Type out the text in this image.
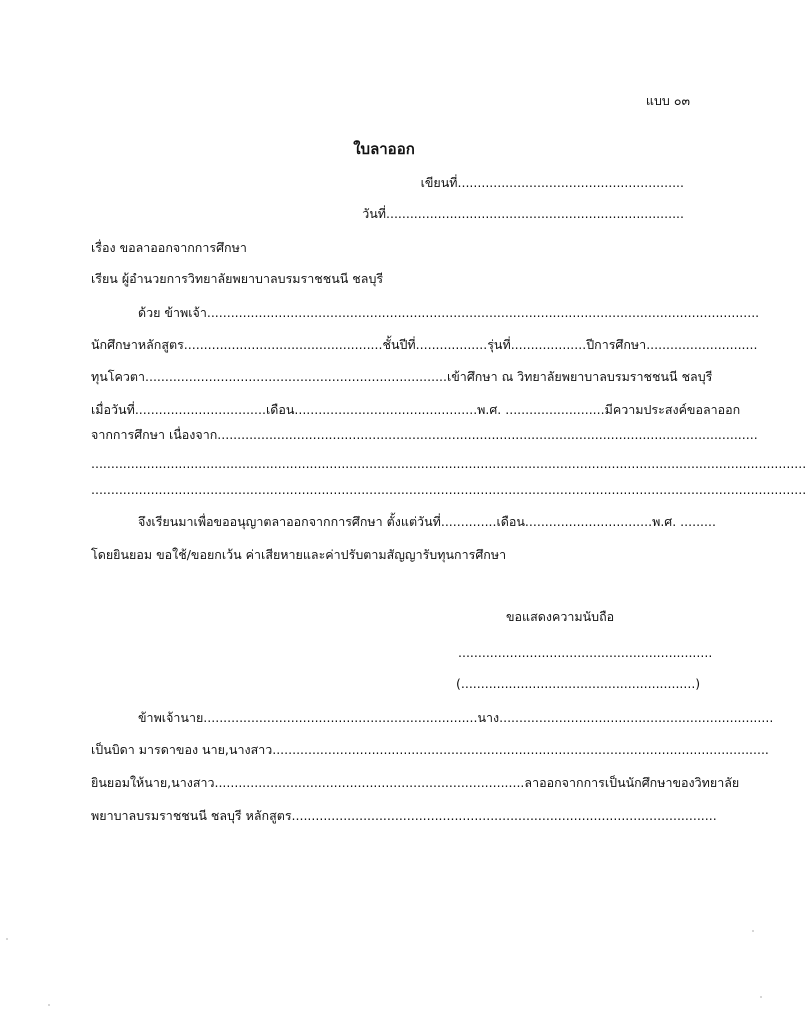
แบบ ๐๓
ใบลาออก
เขียนที่.........................................................
วันที่...........................................................................
เรื่อง ขอลาออกจากการศึกษา
เรียน ผู้อำนวยการวิทยาลัยพยาบาลบรมราชชนนี ชลบุรี
ด้วย ข้าพเจ้า...........................................................................................................................................
นักศึกษาหลักสูตร..................................................ชั้นปีที่..................รุ่นที่...................ปีการศึกษา............................
ทุนโควตา............................................................................เข้าศึกษา ณ วิทยาลัยพยาบาลบรมราชชนนี ชลบุรี
เมื่อวันที่.................................เดือน..............................................พ.ศ. .........................มีความประสงค์ขอลาออก
จากการศึกษา เนื่องจาก........................................................................................................................................
....................................................................................................................................................................................
....................................................................................................................................................................................
จึงเรียนมาเพื่อขออนุญาตลาออกจากการศึกษา ตั้งแต่วันที่..............เดือน................................พ.ศ. .........
โดยยินยอม ขอใช้/ขอยกเว้น ค่าเสียหายและค่าปรับตามสัญญารับทุนการศึกษา
ขอแสดงความนับถือ
................................................................
(...........................................................)
ข้าพเจ้านาย.....................................................................นาง.....................................................................
เป็นบิดา มารดาของ นาย,นางสาว.............................................................................................................................
ยินยอมให้นาย,นางสาว..............................................................................ลาออกจากการเป็นนักศึกษาของวิทยาลัย
พยาบาลบรมราชชนนี ชลบุรี หลักสูตร...........................................................................................................
